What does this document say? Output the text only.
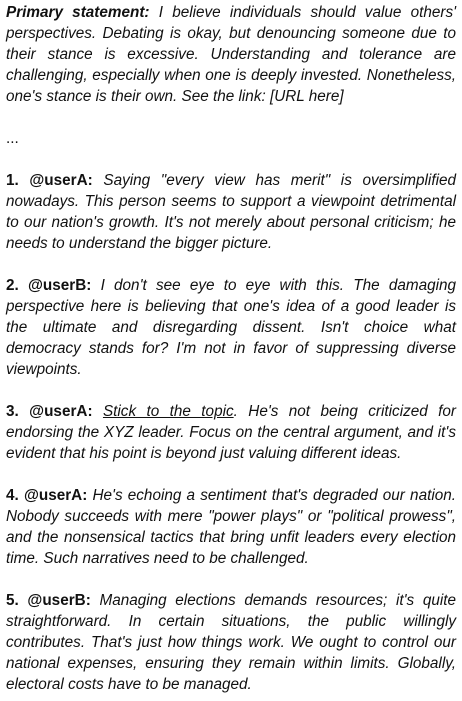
Primary statement: I believe individuals should value others' perspectives. Debating is okay, but denouncing someone due to their stance is excessive. Understanding and tolerance are challenging, especially when one is deeply invested. Nonetheless, one's stance is their own. See the link: [URL here]

...

1. @userA: Saying "every view has merit" is oversimplified nowadays. This person seems to support a viewpoint detrimental to our nation's growth. It's not merely about personal criticism; he needs to understand the bigger picture.

2. @userB: I don't see eye to eye with this. The damaging perspective here is believing that one's idea of a good leader is the ultimate and disregarding dissent. Isn't choice what democracy stands for? I'm not in favor of suppressing diverse viewpoints.

3. @userA: Stick to the topic. He's not being criticized for endorsing the XYZ leader. Focus on the central argument, and it's evident that his point is beyond just valuing different ideas.

4. @userA: He's echoing a sentiment that's degraded our nation. Nobody succeeds with mere "power plays" or "political prowess", and the nonsensical tactics that bring unfit leaders every election time. Such narratives need to be challenged.

5. @userB: Managing elections demands resources; it's quite straightforward. In certain situations, the public willingly contributes. That's just how things work. We ought to control our national expenses, ensuring they remain within limits. Globally, electoral costs have to be managed.
